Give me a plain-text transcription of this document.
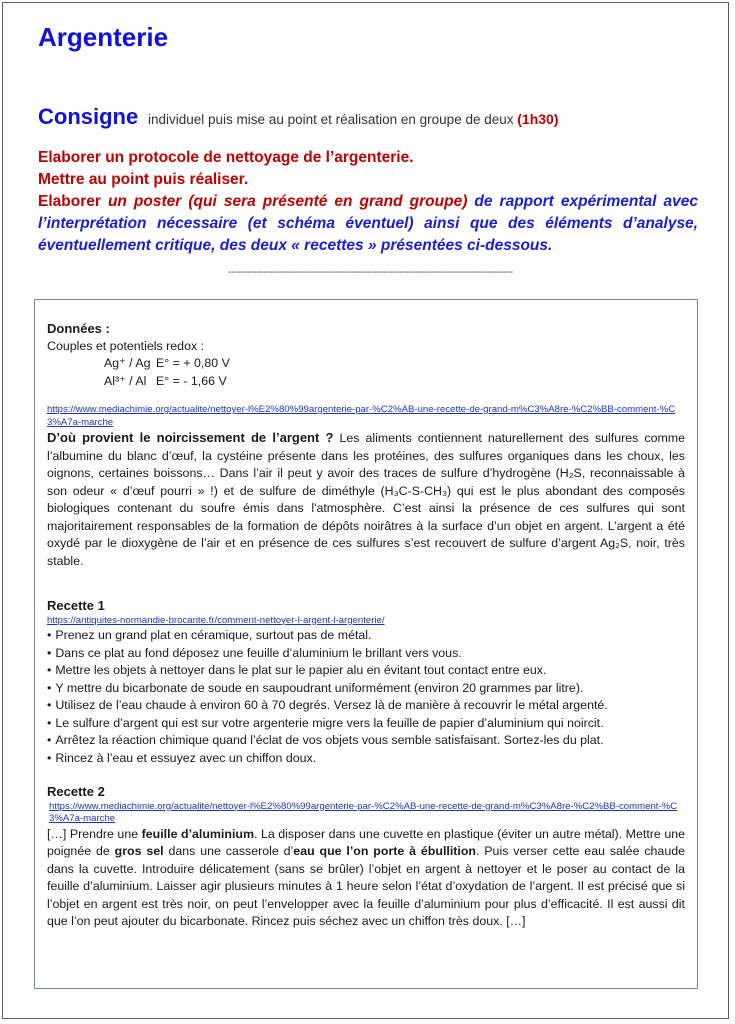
Argenterie
Consigne individuel puis mise au point et réalisation en groupe de deux (1h30)
Elaborer un protocole de nettoyage de l’argenterie.
Mettre au point puis réaliser.
Elaborer un poster (qui sera présenté en grand groupe) de rapport expérimental avec l’interprétation nécessaire (et schéma éventuel) ainsi que des éléments d’analyse, éventuellement critique, des deux « recettes » présentées ci-dessous.
------------------------------------------------------------------------------------------
Données :
Couples et potentiels redox :
Ag⁺ / Ag E° = + 0,80 V
Al³⁺ / Al E° = - 1,66 V
https://www.mediachimie.org/actualite/nettoyer-l%E2%80%99argenterie-par-%C2%AB-une-recette-de-grand-m%C3%A8re-%C2%BB-comment-%C3%A7a-marche
D’où provient le noircissement de l’argent ? Les aliments contiennent naturellement des sulfures comme l’albumine du blanc d’œuf, la cystéine présente dans les protéines, des sulfures organiques dans les choux, les oignons, certaines boissons… Dans l’air il peut y avoir des traces de sulfure d’hydrogène (H₂S, reconnaissable à son odeur « d’œuf pourri » !) et de sulfure de diméthyle (H₃C-S-CH₃) qui est le plus abondant des composés biologiques contenant du soufre émis dans l'atmosphère. C’est ainsi la présence de ces sulfures qui sont majoritairement responsables de la formation de dépôts noirâtres à la surface d’un objet en argent. L’argent a été oxydé par le dioxygène de l’air et en présence de ces sulfures s’est recouvert de sulfure d’argent Ag₂S, noir, très stable.
Recette 1
https://antiquites-normandie-brocante.fr/comment-nettoyer-l-argent-l-argenterie/
• Prenez un grand plat en céramique, surtout pas de métal.
• Dans ce plat au fond déposez une feuille d’aluminium le brillant vers vous.
• Mettre les objets à nettoyer dans le plat sur le papier alu en évitant tout contact entre eux.
• Y mettre du bicarbonate de soude en saupoudrant uniformément (environ 20 grammes par litre).
• Utilisez de l’eau chaude à environ 60 à 70 degrés. Versez là de manière à recouvrir le métal argenté.
• Le sulfure d’argent qui est sur votre argenterie migre vers la feuille de papier d’aluminium qui noircit.
• Arrêtez la réaction chimique quand l’éclat de vos objets vous semble satisfaisant. Sortez-les du plat.
• Rincez à l’eau et essuyez avec un chiffon doux.
Recette 2
https://www.mediachimie.org/actualite/nettoyer-l%E2%80%99argenterie-par-%C2%AB-une-recette-de-grand-m%C3%A8re-%C2%BB-comment-%C3%A7a-marche
[…] Prendre une feuille d’aluminium. La disposer dans une cuvette en plastique (éviter un autre métal). Mettre une poignée de gros sel dans une casserole d’eau que l’on porte à ébullition. Puis verser cette eau salée chaude dans la cuvette. Introduire délicatement (sans se brûler) l’objet en argent à nettoyer et le poser au contact de la feuille d’aluminium. Laisser agir plusieurs minutes à 1 heure selon l’état d’oxydation de l’argent. Il est précisé que si l’objet en argent est très noir, on peut l’envelopper avec la feuille d’aluminium pour plus d’efficacité. Il est aussi dit que l’on peut ajouter du bicarbonate. Rincez puis séchez avec un chiffon très doux. […]
